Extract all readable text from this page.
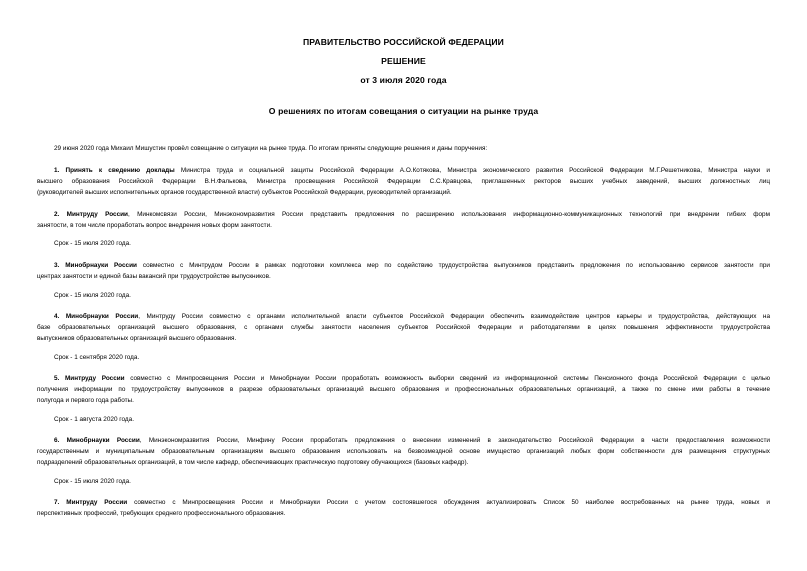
ПРАВИТЕЛЬСТВО РОССИЙСКОЙ ФЕДЕРАЦИИ
РЕШЕНИЕ
от 3 июля 2020 года
О решениях по итогам совещания о ситуации на рынке труда
29 июня 2020 года Михаил Мишустин провёл совещание о ситуации на рынке труда. По итогам приняты следующие решения и даны поручения:
1. Принять к сведению доклады Министра труда и социальной защиты Российской Федерации А.О.Котякова, Министра экономического развития Российской Федерации М.Г.Решетникова, Министра науки и
высшего образования Российской Федерации В.Н.Фалькова, Министра просвещения Российской Федерации С.С.Кравцова, приглашенных ректоров высших учебных заведений, высших должностных лиц
(руководителей высших исполнительных органов государственной власти) субъектов Российской Федерации, руководителей организаций.
2. Минтруду России, Минкомсвязи России, Минэкономразвития России представить предложения по расширению использования информационно-коммуникационных технологий при внедрении гибких форм
занятости, в том числе проработать вопрос внедрения новых форм занятости.
Срок - 15 июля 2020 года.
3. Минобрнауки России совместно с Минтрудом России в рамках подготовки комплекса мер по содействию трудоустройства выпускников представить предложения по использованию сервисов занятости при
центрах занятости и единой базы вакансий при трудоустройстве выпускников.
Срок - 15 июля 2020 года.
4. Минобрнауки России, Минтруду России совместно с органами исполнительной власти субъектов Российской Федерации обеспечить взаимодействие центров карьеры и трудоустройства, действующих на
базе образовательных организаций высшего образования, с органами службы занятости населения субъектов Российской Федерации и работодателями в целях повышения эффективности трудоустройства
выпускников образовательных организаций высшего образования.
Срок - 1 сентября 2020 года.
5. Минтруду России совместно с Минпросвещения России и Минобрнауки России проработать возможность выборки сведений из информационной системы Пенсионного фонда Российской Федерации с целью
получения информации по трудоустройству выпускников в разрезе образовательных организаций высшего образования и профессиональных образовательных организаций, а также по смене ими работы в течение
полугода и первого года работы.
Срок - 1 августа 2020 года.
6. Минобрнауки России, Минэкономразвития России, Минфину России проработать предложения о внесении изменений в законодательство Российской Федерации в части предоставления возможности
государственным и муниципальным образовательным организациям высшего образования использовать на безвозмездной основе имущество организаций любых форм собственности для размещения структурных
подразделений образовательных организаций, в том числе кафедр, обеспечивающих практическую подготовку обучающихся (базовых кафедр).
Срок - 15 июля 2020 года.
7. Минтруду России совместно с Минпросвещения России и Минобрнауки России с учетом состоявшегося обсуждения актуализировать Список 50 наиболее востребованных на рынке труда, новых и
перспективных профессий, требующих среднего профессионального образования.
